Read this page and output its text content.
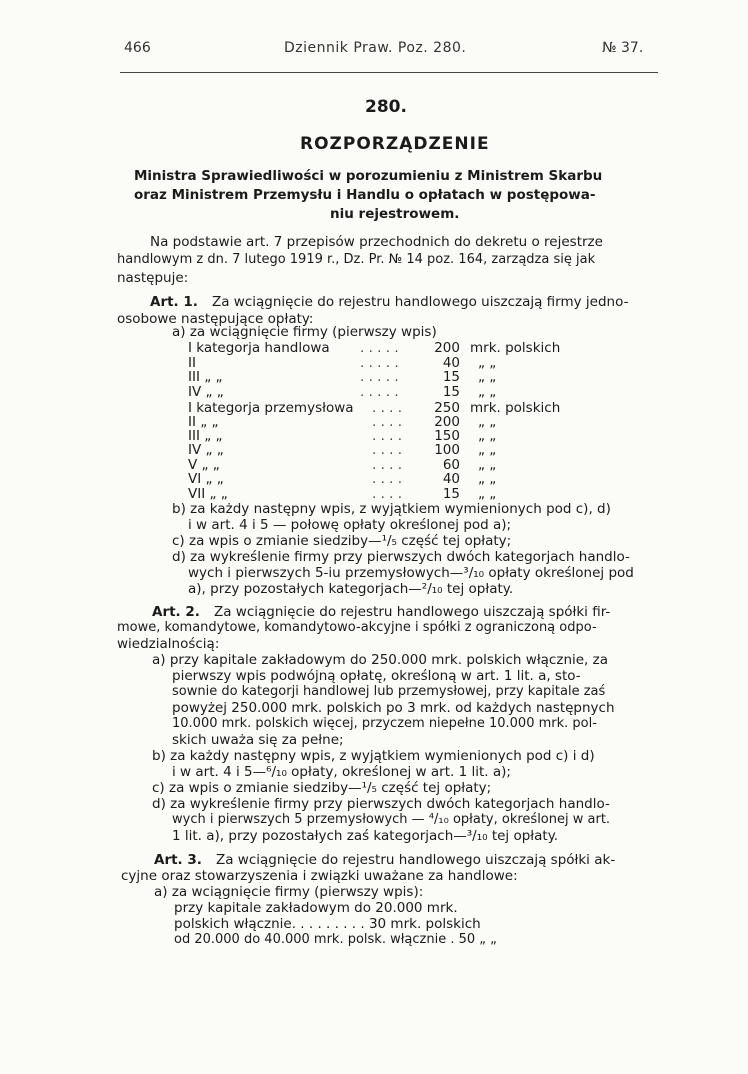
466	Dziennik Praw. Poz. 280.	№ 37.
280.
ROZPORZĄDZENIE
Ministra Sprawiedliwości w porozumieniu z Ministrem Skarbu
oraz Ministrem Przemysłu i Handlu o opłatach w postępowa-
niu rejestrowem.
Na podstawie art. 7 przepisów przechodnich do dekretu o rejestrze
handlowym z dn. 7 lutego 1919 r., Dz. Pr. № 14 poz. 164, zarządza się jak
następuje:
Art. 1. Za wciągnięcie do rejestru handlowego uiszczają firmy jedno-
osobowe następujące opłaty:
a) za wciągnięcie firmy (pierwszy wpis)
I kategorja handlowa . . . . .	200 mrk. polskich
II	. . . . .	40 „ „
III „ „	. . . . .	15 „ „
IV „ „	. . . . .	15 „ „
I kategorja przemysłowa . . . .	250 mrk. polskich
II „ „	. . . .	200 „ „
III „ „	. . . .	150 „ „
IV „ „	. . . .	100 „ „
V „ „	. . . .	60 „ „
VI „ „	. . . .	40 „ „
VII „ „	. . . .	15 „ „
b) za każdy następny wpis, z wyjątkiem wymienionych pod c), d)
i w art. 4 i 5 — połowę opłaty określonej pod a);
c) za wpis o zmianie siedziby—¹/₅ część tej opłaty;
d) za wykreślenie firmy przy pierwszych dwóch kategorjach handlo-
wych i pierwszych 5-iu przemysłowych—³/₁₀ opłaty określonej pod
a), przy pozostałych kategorjach—²/₁₀ tej opłaty.
Art. 2. Za wciągnięcie do rejestru handlowego uiszczają spółki fir-
mowe, komandytowe, komandytowo-akcyjne i spółki z ograniczoną odpo-
wiedzialnością:
a) przy kapitale zakładowym do 250.000 mrk. polskich włącznie, za
pierwszy wpis podwójną opłatę, określoną w art. 1 lit. a, sto-
sownie do kategorji handlowej lub przemysłowej, przy kapitale zaś
powyżej 250.000 mrk. polskich po 3 mrk. od każdych następnych
10.000 mrk. polskich więcej, przyczem niepełne 10.000 mrk. pol-
skich uważa się za pełne;
b) za każdy następny wpis, z wyjątkiem wymienionych pod c) i d)
i w art. 4 i 5—⁶/₁₀ opłaty, określonej w art. 1 lit. a);
c) za wpis o zmianie siedziby—¹/₅ część tej opłaty;
d) za wykreślenie firmy przy pierwszych dwóch kategorjach handlo-
wych i pierwszych 5 przemysłowych — ⁴/₁₀ opłaty, określonej w art.
1 lit. a), przy pozostałych zaś kategorjach—³/₁₀ tej opłaty.
Art. 3. Za wciągnięcie do rejestru handlowego uiszczają spółki ak-
cyjne oraz stowarzyszenia i związki uważane za handlowe:
a) za wciągnięcie firmy (pierwszy wpis):
przy kapitale zakładowym do 20.000 mrk.
polskich włącznie. . . . . . . . . 30 mrk. polskich
od 20.000 do 40.000 mrk. polsk. włącznie . 50 „ „
